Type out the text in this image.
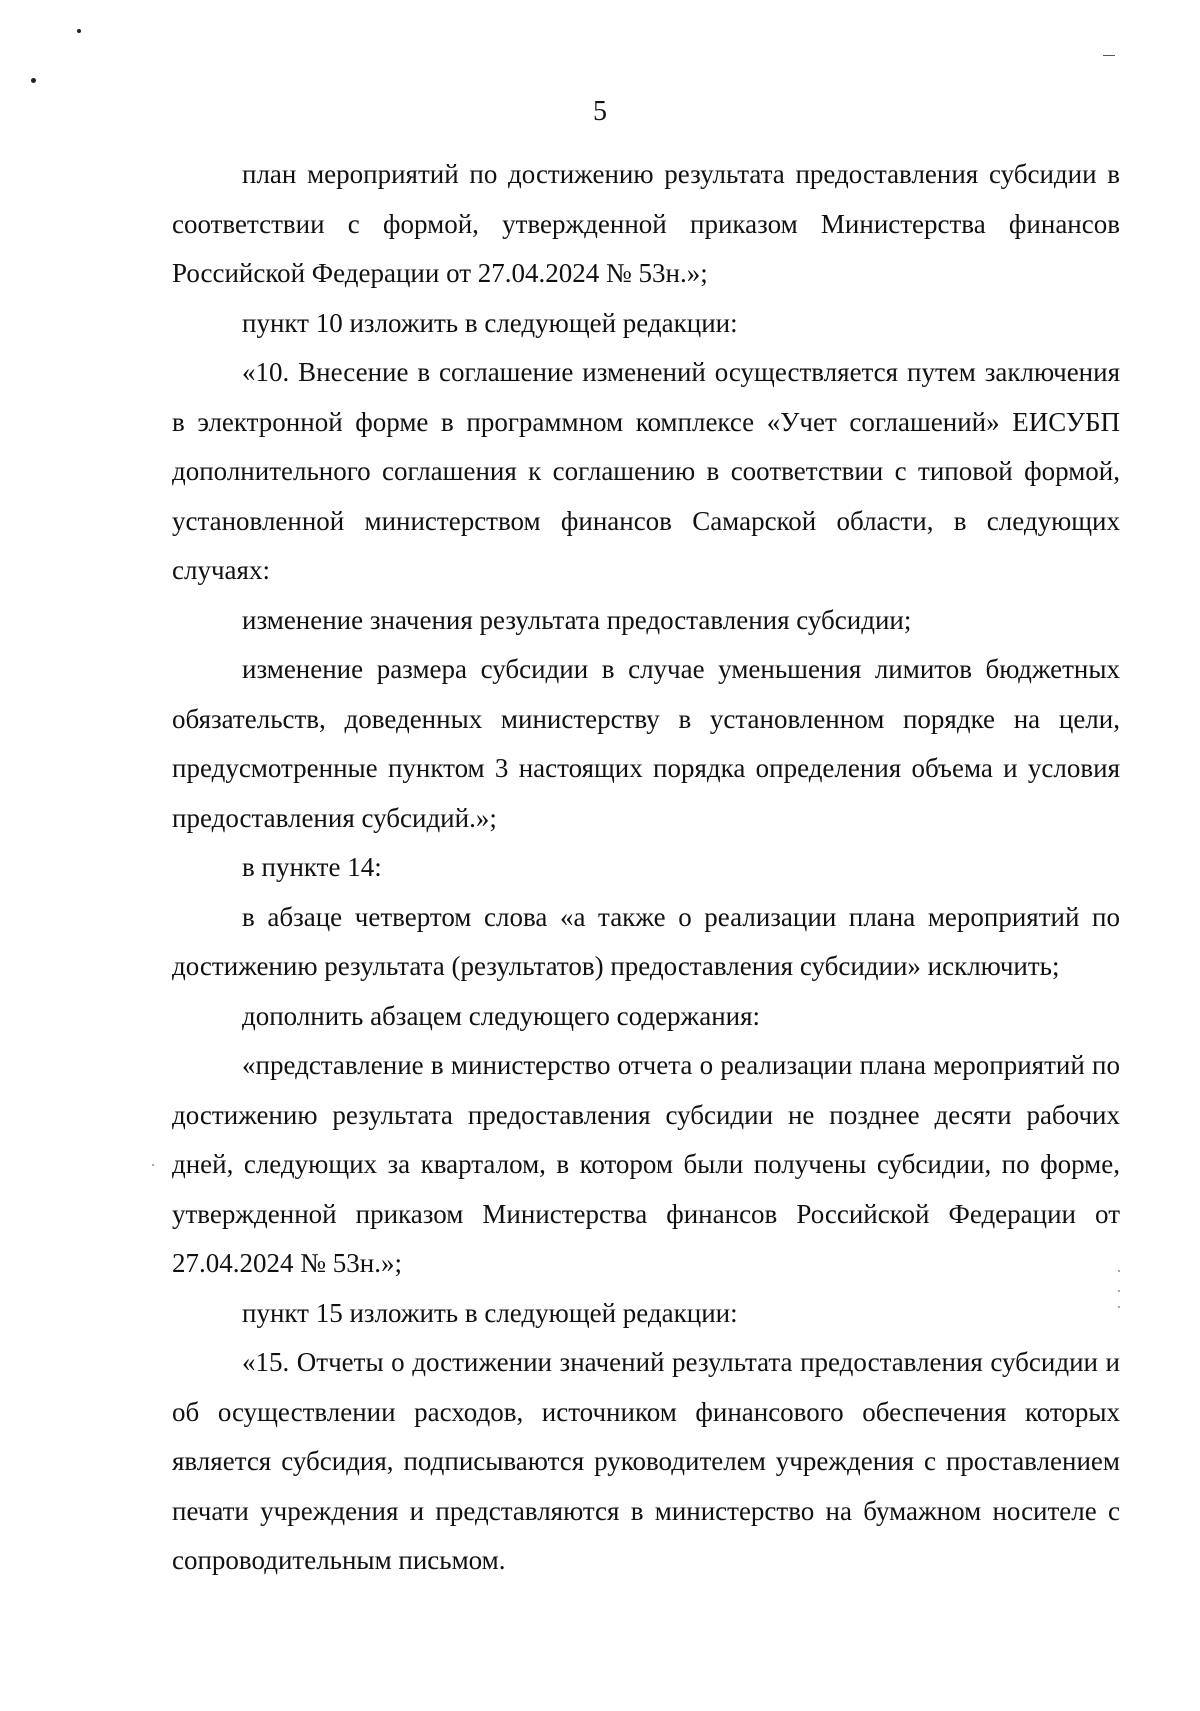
5

план мероприятий по достижению результата предоставления субсидии в соответствии с формой, утвержденной приказом Министерства финансов Российской Федерации от 27.04.2024 № 53н.»;

пункт 10 изложить в следующей редакции:

«10. Внесение в соглашение изменений осуществляется путем заключения в электронной форме в программном комплексе «Учет соглашений» ЕИСУБП дополнительного соглашения к соглашению в соответствии с типовой формой, установленной министерством финансов Самарской области, в следующих случаях:

изменение значения результата предоставления субсидии;

изменение размера субсидии в случае уменьшения лимитов бюджетных обязательств, доведенных министерству в установленном порядке на цели, предусмотренные пунктом 3 настоящих порядка определения объема и условия предоставления субсидий.»;

в пункте 14:

в абзаце четвертом слова «а также о реализации плана мероприятий по достижению результата (результатов) предоставления субсидии» исключить;

дополнить абзацем следующего содержания:

«представление в министерство отчета о реализации плана мероприятий по достижению результата предоставления субсидии не позднее десяти рабочих дней, следующих за кварталом, в котором были получены субсидии, по форме, утвержденной приказом Министерства финансов Российской Федерации от 27.04.2024 № 53н.»;

пункт 15 изложить в следующей редакции:

«15. Отчеты о достижении значений результата предоставления субсидии и об осуществлении расходов, источником финансового обеспечения которых является субсидия, подписываются руководителем учреждения с проставлением печати учреждения и представляются в министерство на бумажном носителе с сопроводительным письмом.
